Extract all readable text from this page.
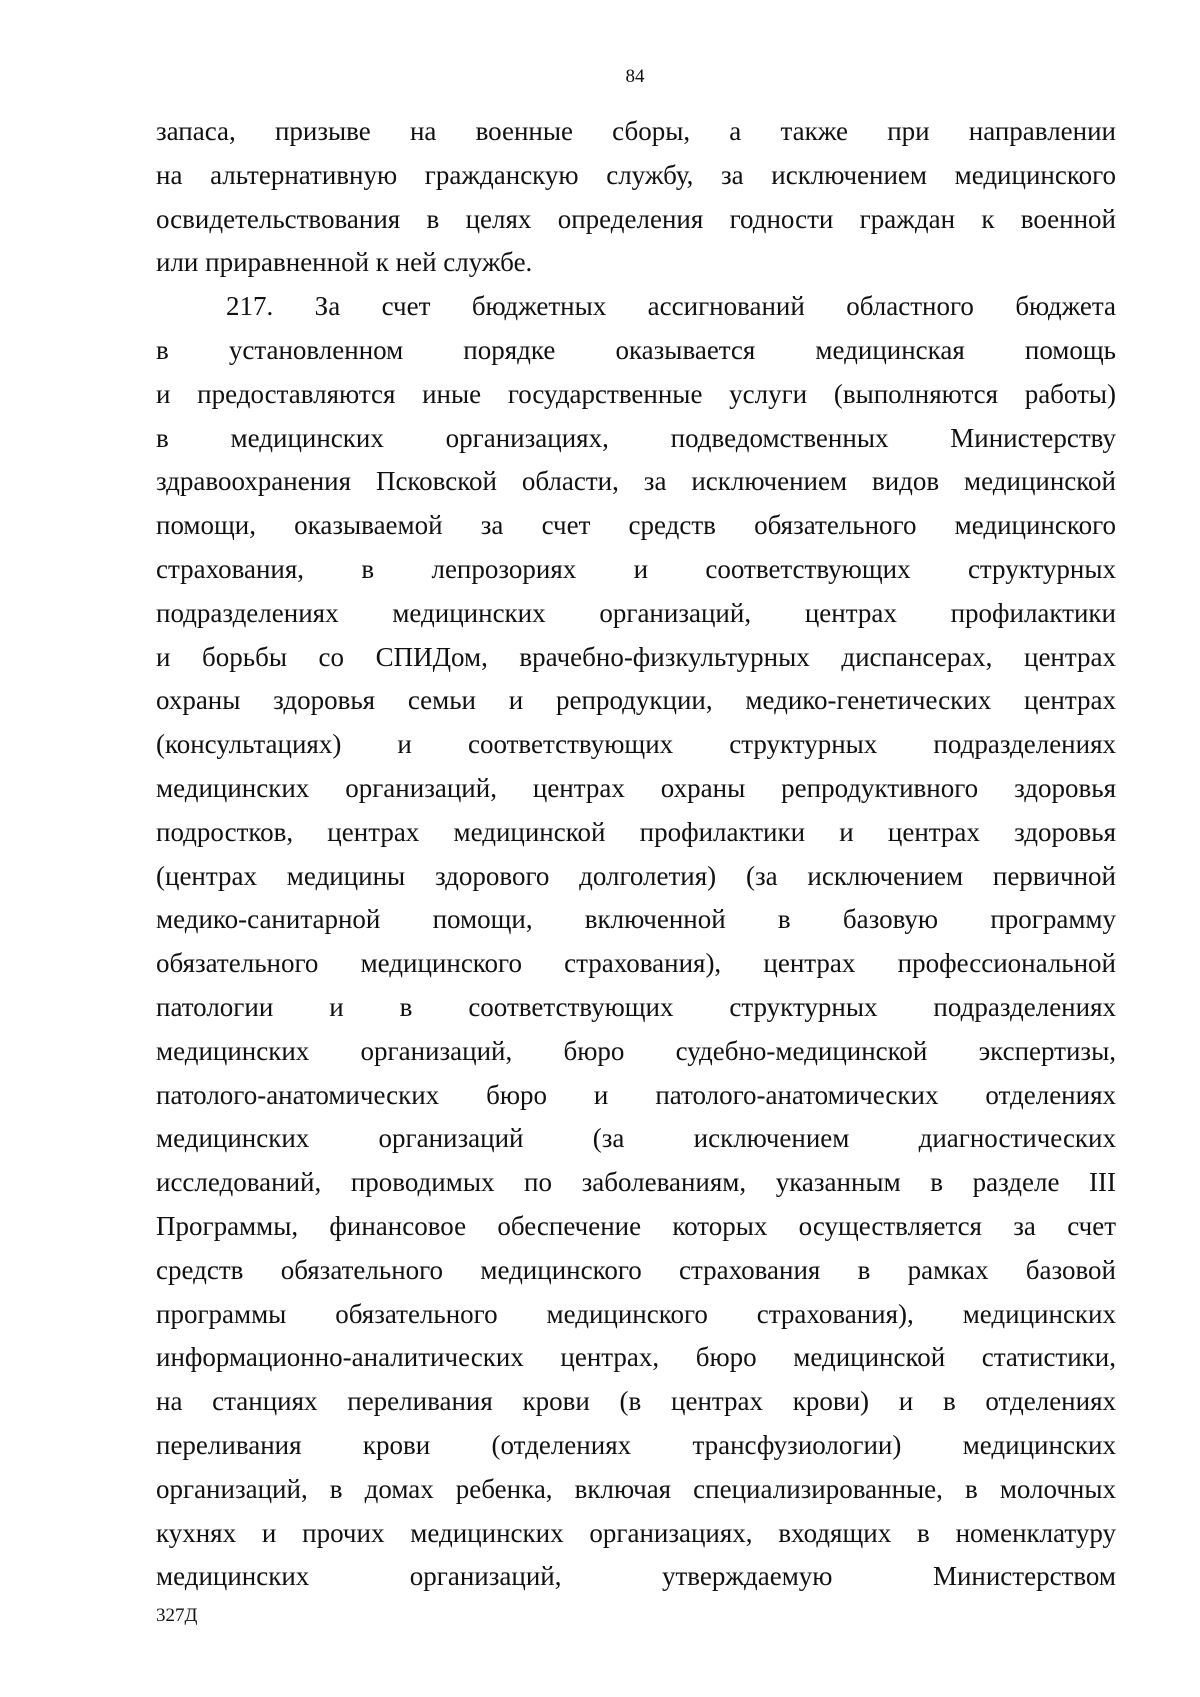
84
запаса, призыве на военные сборы, а также при направлении
на альтернативную гражданскую службу, за исключением медицинского
освидетельствования в целях определения годности граждан к военной
или приравненной к ней службе.
217. За счет бюджетных ассигнований областного бюджета
в установленном порядке оказывается медицинская помощь
и предоставляются иные государственные услуги (выполняются работы)
в медицинских организациях, подведомственных Министерству
здравоохранения Псковской области, за исключением видов медицинской
помощи, оказываемой за счет средств обязательного медицинского
страхования, в лепрозориях и соответствующих структурных
подразделениях медицинских организаций, центрах профилактики
и борьбы со СПИДом, врачебно-физкультурных диспансерах, центрах
охраны здоровья семьи и репродукции, медико-генетических центрах
(консультациях) и соответствующих структурных подразделениях
медицинских организаций, центрах охраны репродуктивного здоровья
подростков, центрах медицинской профилактики и центрах здоровья
(центрах медицины здорового долголетия) (за исключением первичной
медико-санитарной помощи, включенной в базовую программу
обязательного медицинского страхования), центрах профессиональной
патологии и в соответствующих структурных подразделениях
медицинских организаций, бюро судебно-медицинской экспертизы,
патолого-анатомических бюро и патолого-анатомических отделениях
медицинских организаций (за исключением диагностических
исследований, проводимых по заболеваниям, указанным в разделе III
Программы, финансовое обеспечение которых осуществляется за счет
средств обязательного медицинского страхования в рамках базовой
программы обязательного медицинского страхования), медицинских
информационно-аналитических центрах, бюро медицинской статистики,
на станциях переливания крови (в центрах крови) и в отделениях
переливания крови (отделениях трансфузиологии) медицинских
организаций, в домах ребенка, включая специализированные, в молочных
кухнях и прочих медицинских организациях, входящих в номенклатуру
медицинских организаций, утверждаемую Министерством
327Д
